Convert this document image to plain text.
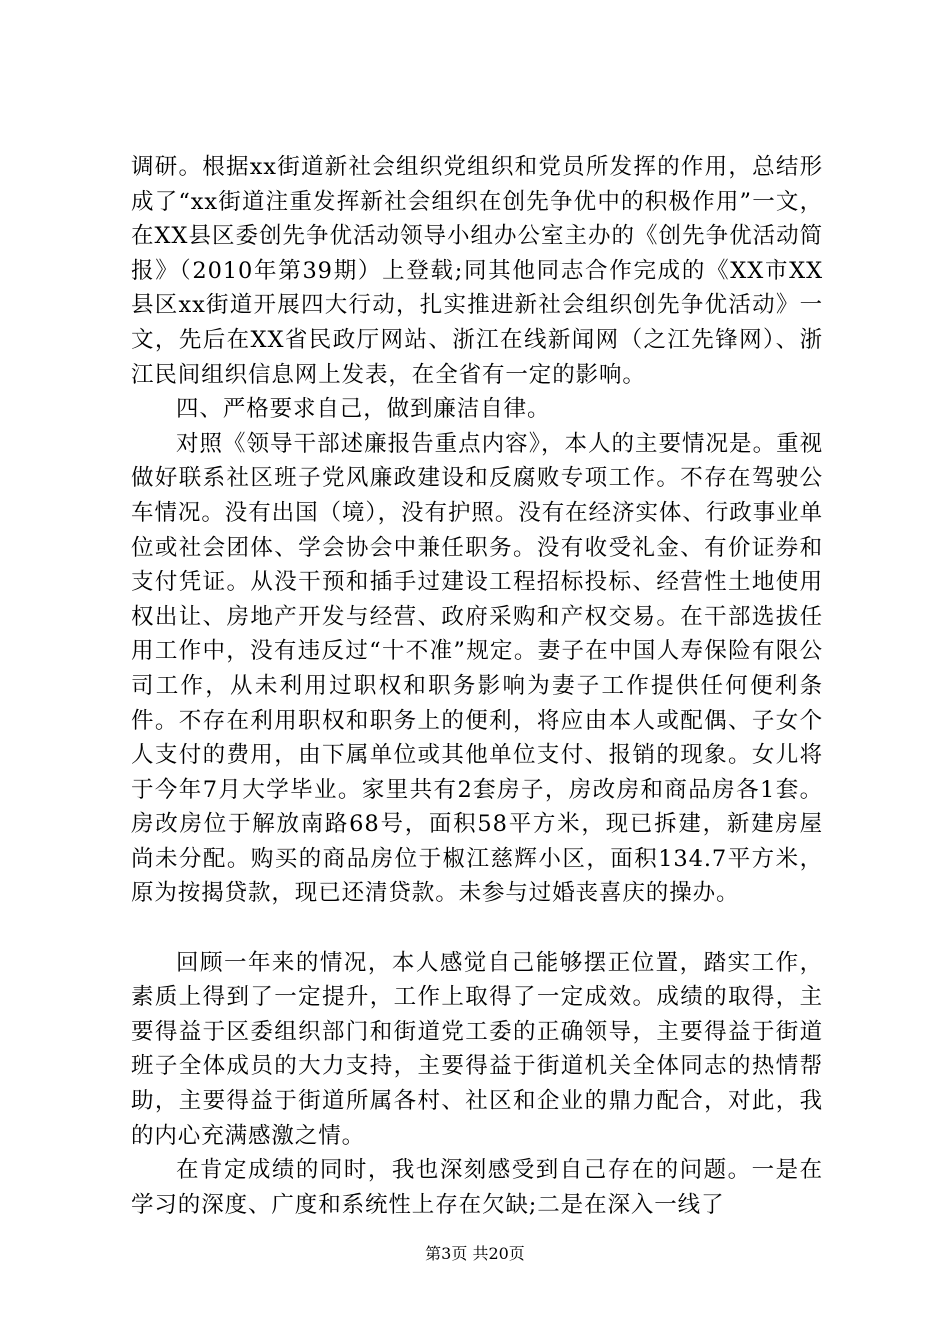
调研。根据xx街道新社会组织党组织和党员所发挥的作用，总结形成了“xx街道注重发挥新社会组织在创先争优中的积极作用”一文，在XX县区委创先争优活动领导小组办公室主办的《创先争优活动简报》（2010年第39期）上登载;同其他同志合作完成的《XX市XX县区xx街道开展四大行动，扎实推进新社会组织创先争优活动》一文，先后在XX省民政厅网站、浙江在线新闻网（之江先锋网）、浙江民间组织信息网上发表，在全省有一定的影响。

四、严格要求自己，做到廉洁自律。

对照《领导干部述廉报告重点内容》，本人的主要情况是。重视做好联系社区班子党风廉政建设和反腐败专项工作。不存在驾驶公车情况。没有出国（境），没有护照。没有在经济实体、行政事业单位或社会团体、学会协会中兼任职务。没有收受礼金、有价证券和支付凭证。从没干预和插手过建设工程招标投标、经营性土地使用权出让、房地产开发与经营、政府采购和产权交易。在干部选拔任用工作中，没有违反过“十不准”规定。妻子在中国人寿保险有限公司工作，从未利用过职权和职务影响为妻子工作提供任何便利条件。不存在利用职权和职务上的便利，将应由本人或配偶、子女个人支付的费用，由下属单位或其他单位支付、报销的现象。女儿将于今年7月大学毕业。家里共有2套房子，房改房和商品房各1套。房改房位于解放南路68号，面积58平方米，现已拆建，新建房屋尚未分配。购买的商品房位于椒江慈辉小区，面积134.7平方米，原为按揭贷款，现已还清贷款。未参与过婚丧喜庆的操办。

回顾一年来的情况，本人感觉自己能够摆正位置，踏实工作，素质上得到了一定提升，工作上取得了一定成效。成绩的取得，主要得益于区委组织部门和街道党工委的正确领导，主要得益于街道班子全体成员的大力支持，主要得益于街道机关全体同志的热情帮助，主要得益于街道所属各村、社区和企业的鼎力配合，对此，我的内心充满感激之情。

在肯定成绩的同时，我也深刻感受到自己存在的问题。一是在学习的深度、广度和系统性上存在欠缺;二是在深入一线了

第3页 共20页
